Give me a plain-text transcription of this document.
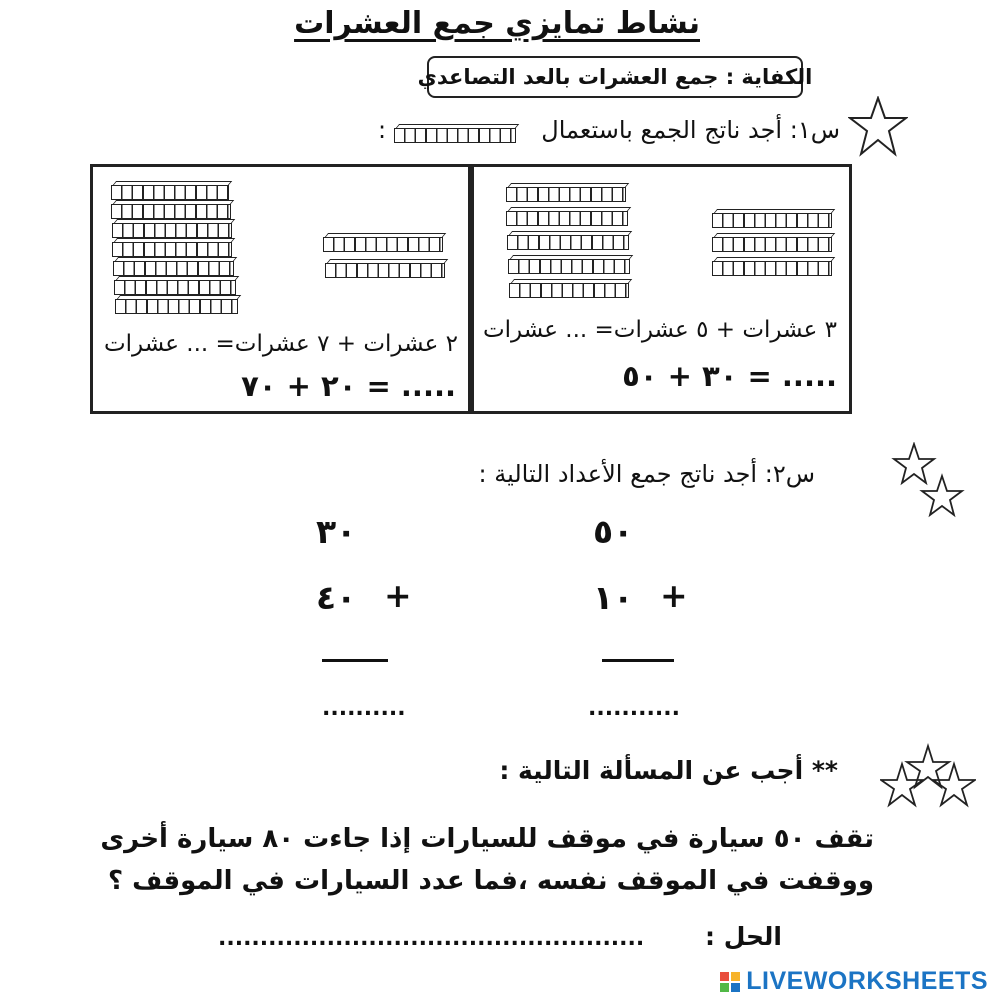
نشاط تمايزي جمع العشرات
الكفاية : جمع العشرات بالعد التصاعدي
س١: أجد ناتج الجمع باستعمال
:
٢ عشرات + ٧ عشرات= ... عشرات
٢٠ + ٧٠ = .....
٣ عشرات + ٥ عشرات= ... عشرات
٣٠ + ٥٠ = .....
س٢: أجد ناتج جمع الأعداد التالية :
٥٠
١٠ +
...........
٣٠
٤٠ +
..........
** أجب عن المسألة التالية :
تقف ٥٠ سيارة في موقف للسيارات إذا جاءت ٨٠ سيارة أخرى
ووقفت في الموقف نفسه ،فما عدد السيارات في الموقف ؟
الحل :
...................................................
LIVEWORKSHEETS
